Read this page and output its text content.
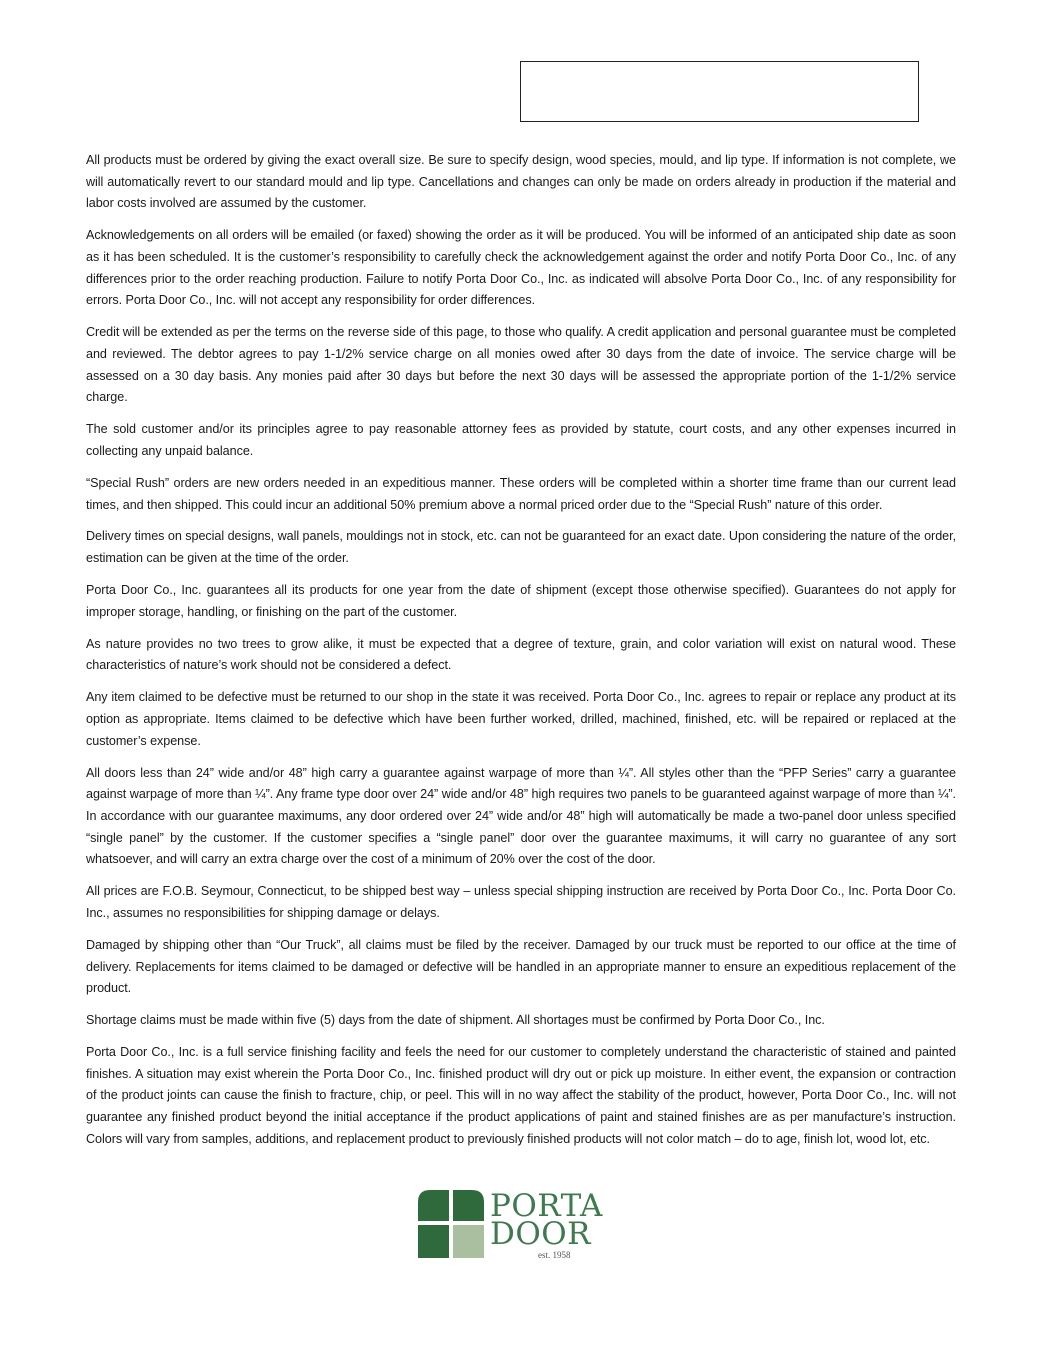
All products must be ordered by giving the exact overall size. Be sure to specify design, wood species, mould, and lip type. If information is not complete, we will automatically revert to our standard mould and lip type. Cancellations and changes can only be made on orders already in production if the material and labor costs involved are assumed by the customer.

Acknowledgements on all orders will be emailed (or faxed) showing the order as it will be produced. You will be informed of an anticipated ship date as soon as it has been scheduled. It is the customer’s responsibility to carefully check the acknowledgement against the order and notify Porta Door Co., Inc. of any differences prior to the order reaching production. Failure to notify Porta Door Co., Inc. as indicated will absolve Porta Door Co., Inc. of any responsibility for errors. Porta Door Co., Inc. will not accept any responsibility for order differences.

Credit will be extended as per the terms on the reverse side of this page, to those who qualify. A credit application and personal guarantee must be completed and reviewed. The debtor agrees to pay 1-1/2% service charge on all monies owed after 30 days from the date of invoice. The service charge will be assessed on a 30 day basis. Any monies paid after 30 days but before the next 30 days will be assessed the appropriate portion of the 1-1/2% service charge.

The sold customer and/or its principles agree to pay reasonable attorney fees as provided by statute, court costs, and any other expenses incurred in collecting any unpaid balance.

“Special Rush” orders are new orders needed in an expeditious manner. These orders will be completed within a shorter time frame than our current lead times, and then shipped. This could incur an additional 50% premium above a normal priced order due to the “Special Rush” nature of this order.

Delivery times on special designs, wall panels, mouldings not in stock, etc. can not be guaranteed for an exact date. Upon considering the nature of the order, estimation can be given at the time of the order.

Porta Door Co., Inc. guarantees all its products for one year from the date of shipment (except those otherwise specified). Guarantees do not apply for improper storage, handling, or finishing on the part of the customer.

As nature provides no two trees to grow alike, it must be expected that a degree of texture, grain, and color variation will exist on natural wood. These characteristics of nature’s work should not be considered a defect.

Any item claimed to be defective must be returned to our shop in the state it was received. Porta Door Co., Inc. agrees to repair or replace any product at its option as appropriate. Items claimed to be defective which have been further worked, drilled, machined, finished, etc. will be repaired or replaced at the customer’s expense.

All doors less than 24” wide and/or 48” high carry a guarantee against warpage of more than ¼”. All styles other than the “PFP Series” carry a guarantee against warpage of more than ¼”. Any frame type door over 24” wide and/or 48” high requires two panels to be guaranteed against warpage of more than ¼”. In accordance with our guarantee maximums, any door ordered over 24” wide and/or 48” high will automatically be made a two-panel door unless specified “single panel” by the customer. If the customer specifies a “single panel” door over the guarantee maximums, it will carry no guarantee of any sort whatsoever, and will carry an extra charge over the cost of a minimum of 20% over the cost of the door.

All prices are F.O.B. Seymour, Connecticut, to be shipped best way – unless special shipping instruction are received by Porta Door Co., Inc. Porta Door Co. Inc., assumes no responsibilities for shipping damage or delays.

Damaged by shipping other than “Our Truck”, all claims must be filed by the receiver. Damaged by our truck must be reported to our office at the time of delivery. Replacements for items claimed to be damaged or defective will be handled in an appropriate manner to ensure an expeditious replacement of the product.

Shortage claims must be made within five (5) days from the date of shipment. All shortages must be confirmed by Porta Door Co., Inc.

Porta Door Co., Inc. is a full service finishing facility and feels the need for our customer to completely understand the characteristic of stained and painted finishes. A situation may exist wherein the Porta Door Co., Inc. finished product will dry out or pick up moisture. In either event, the expansion or contraction of the product joints can cause the finish to fracture, chip, or peel. This will in no way affect the stability of the product, however, Porta Door Co., Inc. will not guarantee any finished product beyond the initial acceptance if the product applications of paint and stained finishes are as per manufacture’s instruction. Colors will vary from samples, additions, and replacement product to previously finished products will not color match – do to age, finish lot, wood lot, etc.

PORTA
DOOR
est. 1958
